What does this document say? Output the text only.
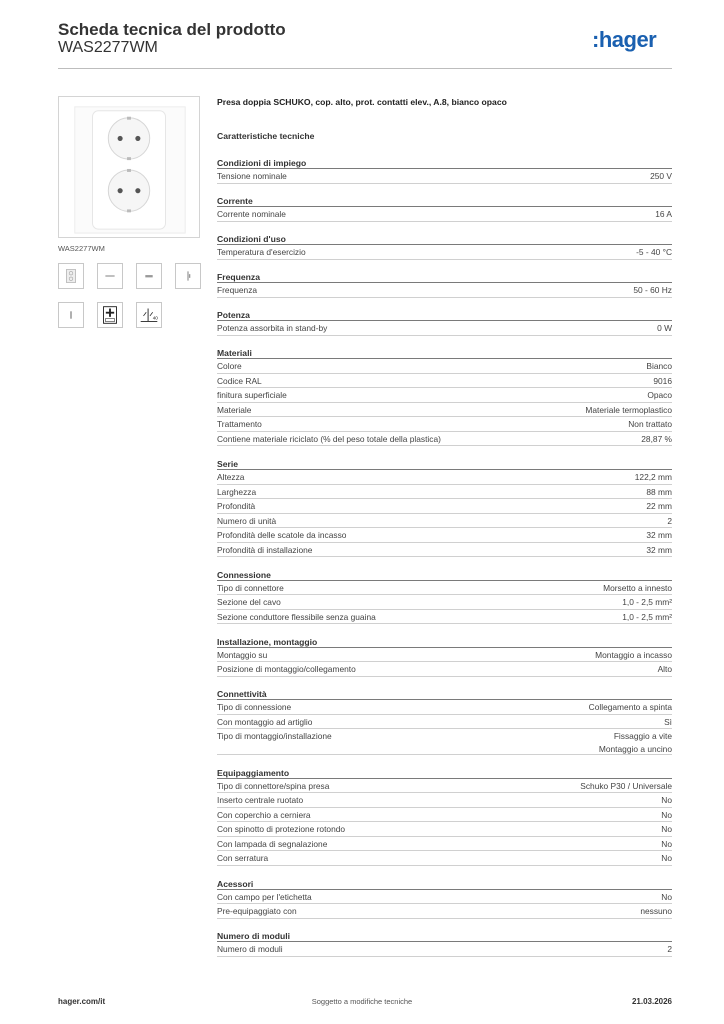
Scheda tecnica del prodotto
WAS2277WM	:hager
WAS2277WM
40
Presa doppia SCHUKO, cop. alto, prot. contatti elev., A.8, bianco opaco
Caratteristiche tecniche
Condizioni di impiego
Tensione nominale	250 V
Corrente
Corrente nominale	16 A
Condizioni d'uso
Temperatura d'esercizio	-5 - 40 °C
Frequenza
Frequenza	50 - 60 Hz
Potenza
Potenza assorbita in stand-by	0 W
Materiali
Colore	Bianco
Codice RAL	9016
finitura superficiale	Opaco
Materiale	Materiale termoplastico
Trattamento	Non trattato
Contiene materiale riciclato (% del peso totale della plastica)	28,87 %
Serie
Altezza	122,2 mm
Larghezza	88 mm
Profondità	22 mm
Numero di unità	2
Profondità delle scatole da incasso	32 mm
Profondità di installazione	32 mm
Connessione
Tipo di connettore	Morsetto a innesto
Sezione del cavo	1,0 - 2,5 mm²
Sezione conduttore flessibile senza guaina	1,0 - 2,5 mm²
Installazione, montaggio
Montaggio su	Montaggio a incasso
Posizione di montaggio/collegamento	Alto
Connettività
Tipo di connessione	Collegamento a spinta
Con montaggio ad artiglio	Sì
Tipo di montaggio/installazione	Fissaggio a vite
Montaggio a uncino
Equipaggiamento
Tipo di connettore/spina presa	Schuko P30 / Universale
Inserto centrale ruotato	No
Con coperchio a cerniera	No
Con spinotto di protezione rotondo	No
Con lampada di segnalazione	No
Con serratura	No
Acessori
Con campo per l'etichetta	No
Pre-equipaggiato con	nessuno
Numero di moduli
Numero di moduli	2
hager.com/it	Soggetto a modifiche tecniche	21.03.2026
